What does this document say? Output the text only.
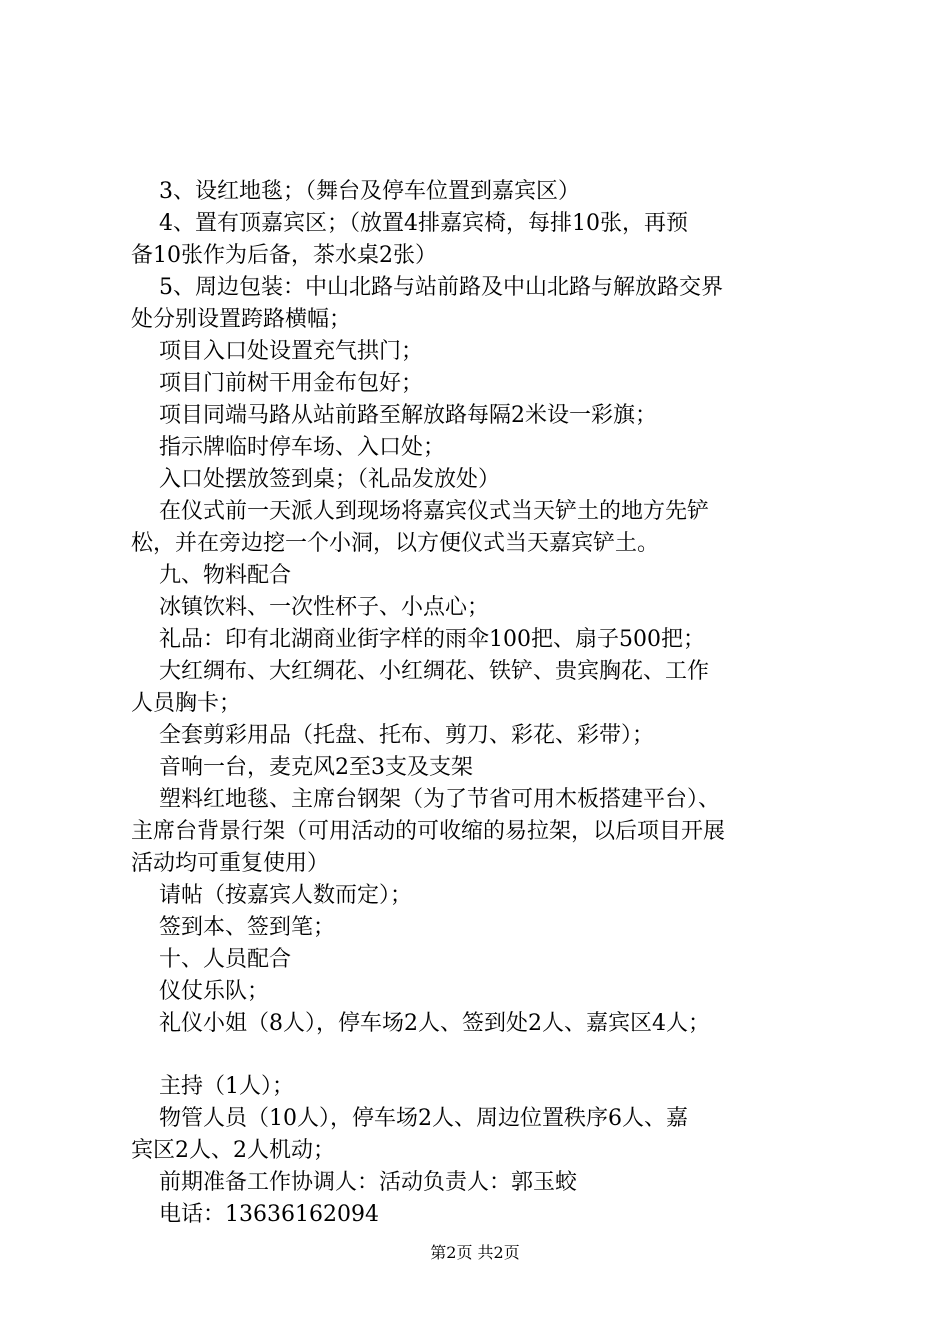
3、设红地毯；（舞台及停车位置到嘉宾区）
4、置有顶嘉宾区；（放置4排嘉宾椅，每排10张，再预
备10张作为后备，茶水桌2张）
5、周边包装：中山北路与站前路及中山北路与解放路交界
处分别设置跨路横幅；
项目入口处设置充气拱门；
项目门前树干用金布包好；
项目同端马路从站前路至解放路每隔2米设一彩旗；
指示牌临时停车场、入口处；
入口处摆放签到桌；（礼品发放处）
在仪式前一天派人到现场将嘉宾仪式当天铲土的地方先铲
松，并在旁边挖一个小洞，以方便仪式当天嘉宾铲土。
九、物料配合
冰镇饮料、一次性杯子、小点心；
礼品：印有北湖商业街字样的雨伞100把、扇子500把；
大红绸布、大红绸花、小红绸花、铁铲、贵宾胸花、工作
人员胸卡；
全套剪彩用品（托盘、托布、剪刀、彩花、彩带）；
音响一台，麦克风2至3支及支架
塑料红地毯、主席台钢架（为了节省可用木板搭建平台）、
主席台背景行架（可用活动的可收缩的易拉架，以后项目开展
活动均可重复使用）
请帖（按嘉宾人数而定）；
签到本、签到笔；
十、人员配合
仪仗乐队；
礼仪小姐（8人），停车场2人、签到处2人、嘉宾区4人；
主持（1人）；
物管人员（10人），停车场2人、周边位置秩序6人、嘉
宾区2人、2人机动；
前期准备工作协调人：活动负责人：郭玉蛟
电话：13636162094
第2页 共2页
